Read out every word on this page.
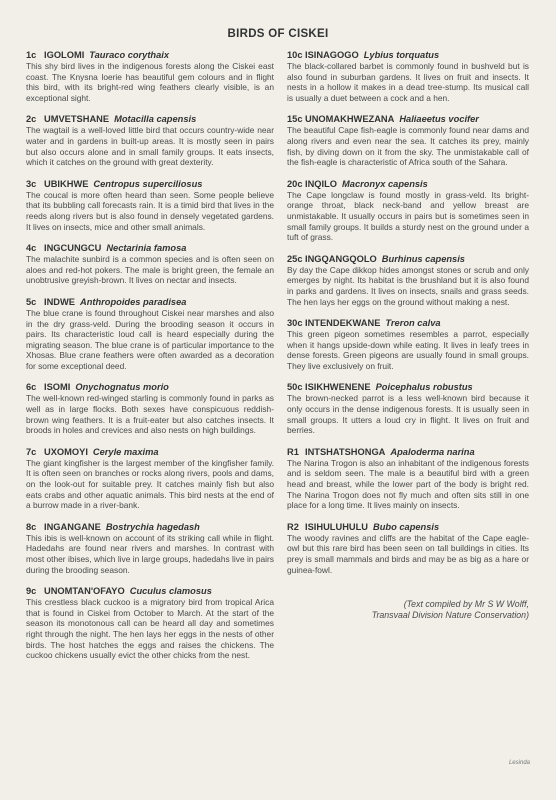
BIRDS OF CISKEI
1c IGOLOMI Tauraco corythaix
This shy bird lives in the indigenous forests along the Ciskei east coast. The Knysna loerie has beautiful gem colours and in flight this bird, with its bright-red wing feathers clearly visible, is an exceptional sight.
2c UMVETSHANE Motacilla capensis
The wagtail is a well-loved little bird that occurs country-wide near water and in gardens in built-up areas. It is mostly seen in pairs but also occurs alone and in small family groups. It eats insects, which it catches on the ground with great dexterity.
3c UBIKHWE Centropus superciliosus
The coucal is more often heard than seen. Some people believe that its bubbling call forecasts rain. It is a timid bird that lives in the reeds along rivers but is also found in densely vegetated gardens. It lives on insects, mice and other small animals.
4c INGCUNGCU Nectarinia famosa
The malachite sunbird is a common species and is often seen on aloes and red-hot pokers. The male is bright green, the female an unobtrusive greyish-brown. It lives on nectar and insects.
5c INDWE Anthropoides paradisea
The blue crane is found throughout Ciskei near marshes and also in the dry grass-veld. During the brooding season it occurs in pairs. Its characteristic loud call is heard especially during the migrating season. The blue crane is of particular importance to the Xhosas. Blue crane feathers were often awarded as a decoration for some exceptional deed.
6c ISOMI Onychognatus morio
The well-known red-winged starling is commonly found in parks as well as in large flocks. Both sexes have conspicuous reddish-brown wing feathers. It is a fruit-eater but also catches insects. It broods in holes and crevices and also nests on high buildings.
7c UXOMOYI Ceryle maxima
The giant kingfisher is the largest member of the kingfisher family. It is often seen on branches or rocks along rivers, pools and dams, on the look-out for suitable prey. It catches mainly fish but also eats crabs and other aquatic animals. This bird nests at the end of a burrow made in a river-bank.
8c INGANGANE Bostrychia hagedash
This ibis is well-known on account of its striking call while in flight. Hadedahs are found near rivers and marshes. In contrast with most other ibises, which live in large groups, hadedahs live in pairs during the brooding season.
9c UNOMTAN'OFAYO Cuculus clamosus
This crestless black cuckoo is a migratory bird from tropical Arica that is found in Ciskei from October to March. At the start of the season its monotonous call can be heard all day and sometimes right through the night. The hen lays her eggs in the nests of other birds. The host hatches the eggs and raises the chickens. The cuckoo chickens usually evict the other chicks from the nest.
10c ISINAGOGO Lybius torquatus
The black-collared barbet is commonly found in bushveld but is also found in suburban gardens. It lives on fruit and insects. It nests in a hollow it makes in a dead tree-stump. Its musical call is usually a duet between a cock and a hen.
15c UNOMAKHWEZANA Haliaeetus vocifer
The beautiful Cape fish-eagle is commonly found near dams and along rivers and even near the sea. It catches its prey, mainly fish, by diving down on it from the sky. The unmistakable call of the fish-eagle is characteristic of Africa south of the Sahara.
20c INQILO Macronyx capensis
The Cape longclaw is found mostly in grass-veld. Its bright-orange throat, black neck-band and yellow breast are unmistakable. It usually occurs in pairs but is sometimes seen in small family groups. It builds a sturdy nest on the ground under a tuft of grass.
25c INGQANGQOLO Burhinus capensis
By day the Cape dikkop hides amongst stones or scrub and only emerges by night. Its habitat is the brushland but it is also found in parks and gardens. It lives on insects, snails and grass seeds. The hen lays her eggs on the ground without making a nest.
30c INTENDEKWANE Treron calva
This green pigeon sometimes resembles a parrot, especially when it hangs upside-down while eating. It lives in leafy trees in dense forests. Green pigeons are usually found in small groups. They live exclusively on fruit.
50c ISIKHWENENE Poicephalus robustus
The brown-necked parrot is a less well-known bird because it only occurs in the dense indigenous forests. It is usually seen in small groups. It utters a loud cry in flight. It lives on fruit and berries.
R1 INTSHATSHONGA Apaloderma narina
The Narina Trogon is also an inhabitant of the indigenous forests and is seldom seen. The male is a beautiful bird with a green head and breast, while the lower part of the body is bright red. The Narina Trogon does not fly much and often sits still in one place for a long time. It lives mainly on insects.
R2 ISIHULUHULU Bubo capensis
The woody ravines and cliffs are the habitat of the Cape eagle-owl but this rare bird has been seen on tall buildings in cities. Its prey is small mammals and birds and may be as big as a hare or guinea-fowl.
(Text compiled by Mr S W Wolff,
Transvaal Division Nature Conservation)
Lesinda
